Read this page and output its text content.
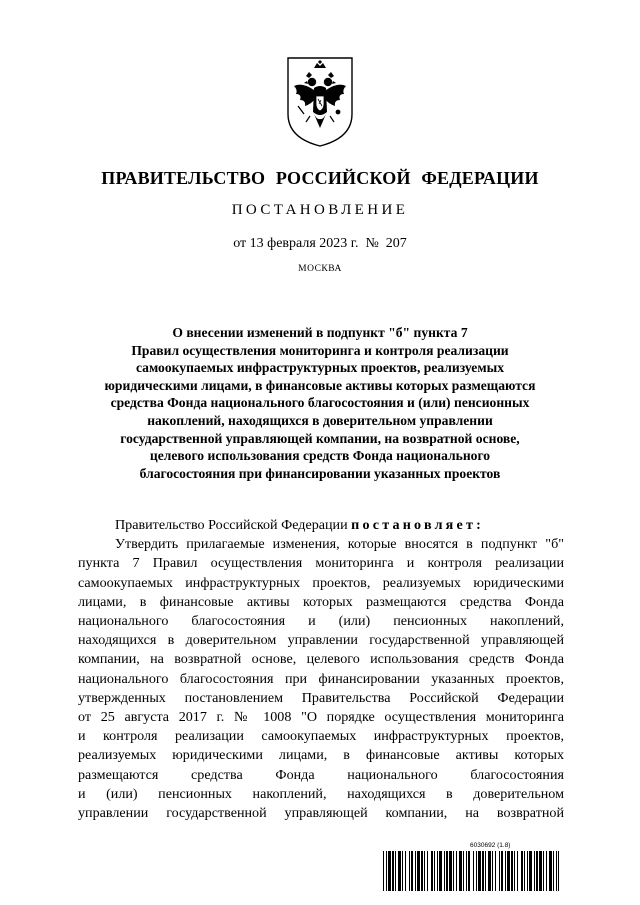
ПРАВИТЕЛЬСТВО РОССИЙСКОЙ ФЕДЕРАЦИИ
ПОСТАНОВЛЕНИЕ
от 13 февраля 2023 г.  №  207
МОСКВА
О внесении изменений в подпункт "б" пункта 7
Правил осуществления мониторинга и контроля реализации
самоокупаемых инфраструктурных проектов, реализуемых
юридическими лицами, в финансовые активы которых размещаются
средства Фонда национального благосостояния и (или) пенсионных
накоплений, находящихся в доверительном управлении
государственной управляющей компании, на возвратной основе,
целевого использования средств Фонда национального
благосостояния при финансировании указанных проектов
Правительство Российской Федерации постановляет:
Утвердить прилагаемые изменения, которые вносятся в подпункт "б"
пункта 7 Правил осуществления мониторинга и контроля реализации
самоокупаемых инфраструктурных проектов, реализуемых юридическими
лицами, в финансовые активы которых размещаются средства Фонда
национального благосостояния и (или) пенсионных накоплений,
находящихся в доверительном управлении государственной управляющей
компании, на возвратной основе, целевого использования средств Фонда
национального благосостояния при финансировании указанных проектов,
утвержденных постановлением Правительства Российской Федерации
от 25 августа 2017 г. № 1008 "О порядке осуществления мониторинга
и контроля реализации самоокупаемых инфраструктурных проектов,
реализуемых юридическими лицами, в финансовые активы которых
размещаются средства Фонда национального благосостояния
и (или) пенсионных накоплений, находящихся в доверительном
управлении государственной управляющей компании, на возвратной
6030692 (1.8)
